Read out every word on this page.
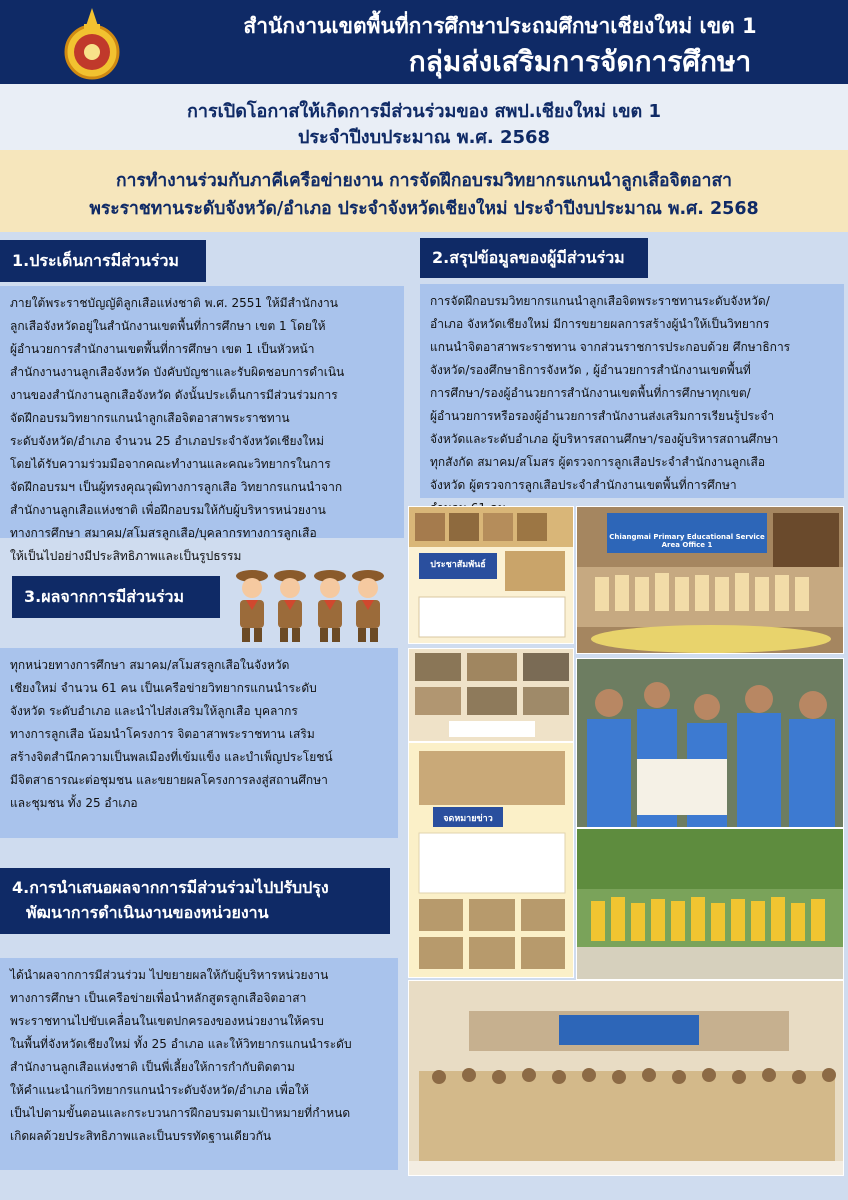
สำนักงานเขตพื้นที่การศึกษาประถมศึกษาเชียงใหม่ เขต 1
กลุ่มส่งเสริมการจัดการศึกษา
การเปิดโอกาสให้เกิดการมีส่วนร่วมของ สพป.เชียงใหม่ เขต 1
ประจำปีงบประมาณ พ.ศ. 2568
การทำงานร่วมกับภาคีเครือข่ายงาน การจัดฝึกอบรมวิทยากรแกนนำลูกเสือจิตอาสา
พระราชทานระดับจังหวัด/อำเภอ ประจำจังหวัดเชียงใหม่ ประจำปีงบประมาณ พ.ศ. 2568
1.ประเด็นการมีส่วนร่วม

ภายใต้พระราชบัญญัติลูกเสือแห่งชาติ พ.ศ. 2551 ให้มีสำนักงาน

ลูกเสือจังหวัดอยู่ในสำนักงานเขตพื้นที่การศึกษา เขต 1 โดยให้

ผู้อำนวยการสำนักงานเขตพื้นที่การศึกษา เขต 1 เป็นหัวหน้า

สำนักงานงานลูกเสือจังหวัด บังคับบัญชาและรับผิดชอบการดำเนิน

งานของสำนักงานลูกเสือจังหวัด ดังนั้นประเด็นการมีส่วนร่วมการ

จัดฝึกอบรมวิทยากรแกนนำลูกเสือจิตอาสาพระราชทาน

ระดับจังหวัด/อำเภอ จำนวน 25 อำเภอประจำจังหวัดเชียงใหม่

โดยได้รับความร่วมมือจากคณะทำงานและคณะวิทยากรในการ

จัดฝึกอบรมฯ เป็นผู้ทรงคุณวุฒิทางการลูกเสือ วิทยากรแกนนำจาก

สำนักงานลูกเสือแห่งชาติ เพื่อฝึกอบรมให้กับผู้บริหารหน่วยงาน

ทางการศึกษา สมาคม/สโมสรลูกเสือ/บุคลากรทางการลูกเสือ

ให้เป็นไปอย่างมีประสิทธิภาพและเป็นรูปธรรม

2.สรุปข้อมูลของผู้มีส่วนร่วม

การจัดฝึกอบรมวิทยากรแกนนำลูกเสือจิตพระราชทานระดับจังหวัด/

อำเภอ จังหวัดเชียงใหม่ มีการขยายผลการสร้างผู้นำให้เป็นวิทยากร

แกนนำจิตอาสาพระราชทาน จากส่วนราชการประกอบด้วย ศึกษาธิการ

จังหวัด/รองศึกษาธิการจังหวัด , ผู้อำนวยการสำนักงานเขตพื้นที่

การศึกษา/รองผู้อำนวยการสำนักงานเขตพื้นที่การศึกษาทุกเขต/

ผู้อำนวยการหรือรองผู้อำนวยการสำนักงานส่งเสริมการเรียนรู้ประจำ

จังหวัดและระดับอำเภอ ผู้บริหารสถานศึกษา/รองผู้บริหารสถานศึกษา

ทุกสังกัด สมาคม/สโมสร ผู้ตรวจการลูกเสือประจำสำนักงานลูกเสือ

จังหวัด ผู้ตรวจการลูกเสือประจำสำนักงานเขตพื้นที่การศึกษา

3.ผลจากการมีส่วนร่วม

ทุกหน่วยทางการศึกษา สมาคม/สโมสรลูกเสือในจังหวัด

เชียงใหม่ จำนวน 61 คน เป็นเครือข่ายวิทยากรแกนนำระดับ

จังหวัด ระดับอำเภอ และนำไปส่งเสริมให้ลูกเสือ บุคลากร

ทางการลูกเสือ น้อมนำโครงการ จิตอาสาพระราชทาน เสริม

สร้างจิตสำนึกความเป็นพลเมืองที่เข้มแข็ง และบำเพ็ญประโยชน์

มีจิตสาธารณะต่อชุมชน และขยายผลโครงการลงสู่สถานศึกษา

และชุมชน ทั้ง 25 อำเภอ

4.การนำเสนอผลจากการมีส่วนร่วมไปปรับปรุง
พัฒนาการดำเนินงานของหน่วยงาน

ได้นำผลจากการมีส่วนร่วม ไปขยายผลให้กับผู้บริหารหน่วยงาน

ทางการศึกษา เป็นเครือข่ายเพื่อนำหลักสูตรลูกเสือจิตอาสา

พระราชทานไปขับเคลื่อนในเขตปกครองของหน่วยงานให้ครบ

ในพื้นที่จังหวัดเชียงใหม่ ทั้ง 25 อำเภอ และให้วิทยากรแกนนำระดับ

สำนักงานลูกเสือแห่งชาติ เป็นพี่เลี้ยงให้การกำกับติดตาม

ให้คำแนะนำแก่วิทยากรแกนนำระดับจังหวัด/อำเภอ เพื่อให้

เป็นไปตามขั้นตอนและกระบวนการฝึกอบรมตามเป้าหมายที่กำหนด

เกิดผลด้วยประสิทธิภาพและเป็นบรรทัดฐานเดียวกัน

ประชาสัมพันธ์
Chiangmai Primary Educational Service Area Office 1
จดหมายข่าว
